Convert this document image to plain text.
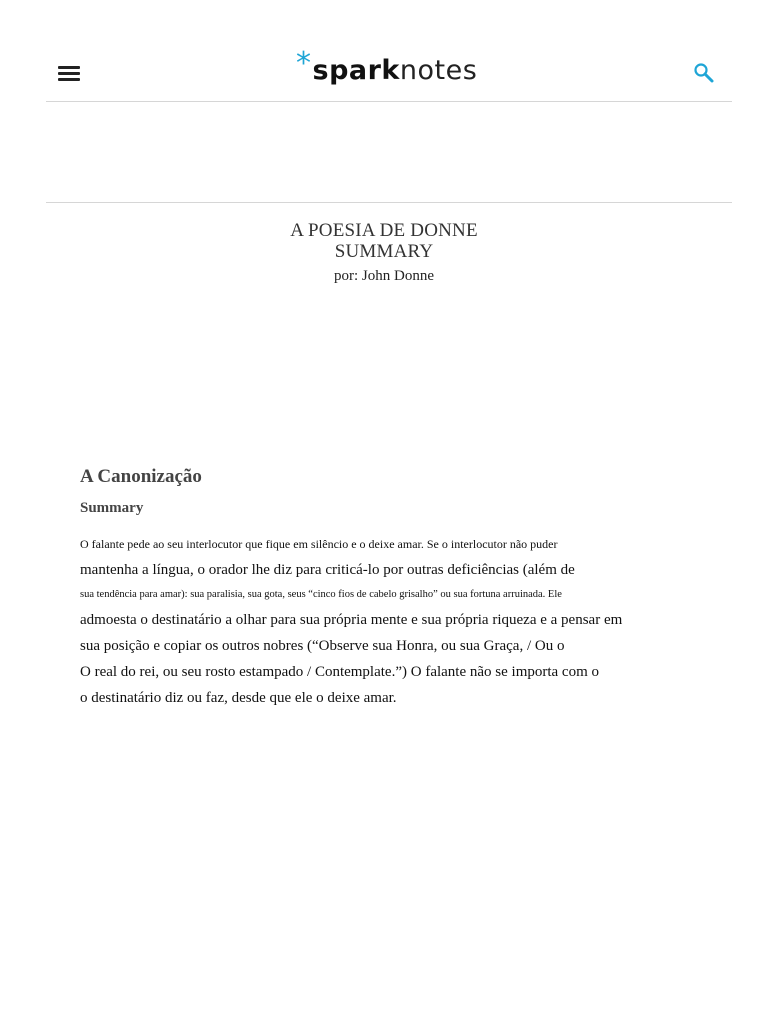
*sparknotes
A POESIA DE DONNE
SUMMARY
por: John Donne
A Canonização
Summary
O falante pede ao seu interlocutor que fique em silêncio e o deixe amar. Se o interlocutor não puder
mantenha a língua, o orador lhe diz para criticá-lo por outras deficiências (além de
sua tendência para amar): sua paralisia, sua gota, seus “cinco fios de cabelo grisalho” ou sua fortuna arruinada. Ele
admoesta o destinatário a olhar para sua própria mente e sua própria riqueza e a pensar em
sua posição e copiar os outros nobres (“Observe sua Honra, ou sua Graça, / Ou o
O real do rei, ou seu rosto estampado / Contemplate.”) O falante não se importa com o
o destinatário diz ou faz, desde que ele o deixe amar.
